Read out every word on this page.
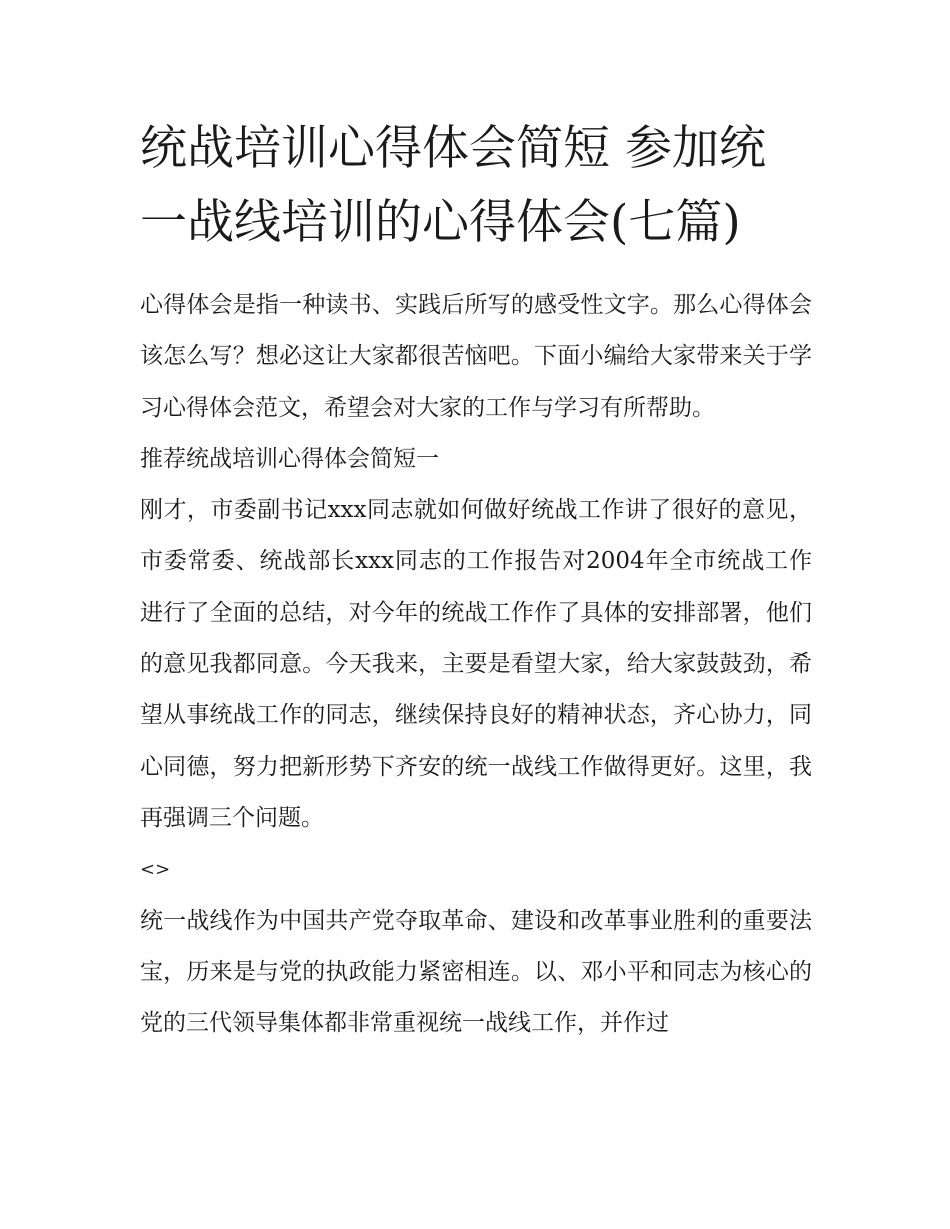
统战培训心得体会简短 参加统一战线培训的心得体会(七篇)

心得体会是指一种读书、实践后所写的感受性文字。那么心得体会该怎么写？想必这让大家都很苦恼吧。下面小编给大家带来关于学习心得体会范文，希望会对大家的工作与学习有所帮助。

推荐统战培训心得体会简短一

刚才，市委副书记xxx同志就如何做好统战工作讲了很好的意见，市委常委、统战部长xxx同志的工作报告对2004年全市统战工作进行了全面的总结，对今年的统战工作作了具体的安排部署，他们的意见我都同意。今天我来，主要是看望大家，给大家鼓鼓劲，希望从事统战工作的同志，继续保持良好的精神状态，齐心协力，同心同德，努力把新形势下齐安的统一战线工作做得更好。这里，我再强调三个问题。

<>

统一战线作为中国共产党夺取革命、建设和改革事业胜利的重要法宝，历来是与党的执政能力紧密相连。以、邓小平和同志为核心的党的三代领导集体都非常重视统一战线工作，并作过
